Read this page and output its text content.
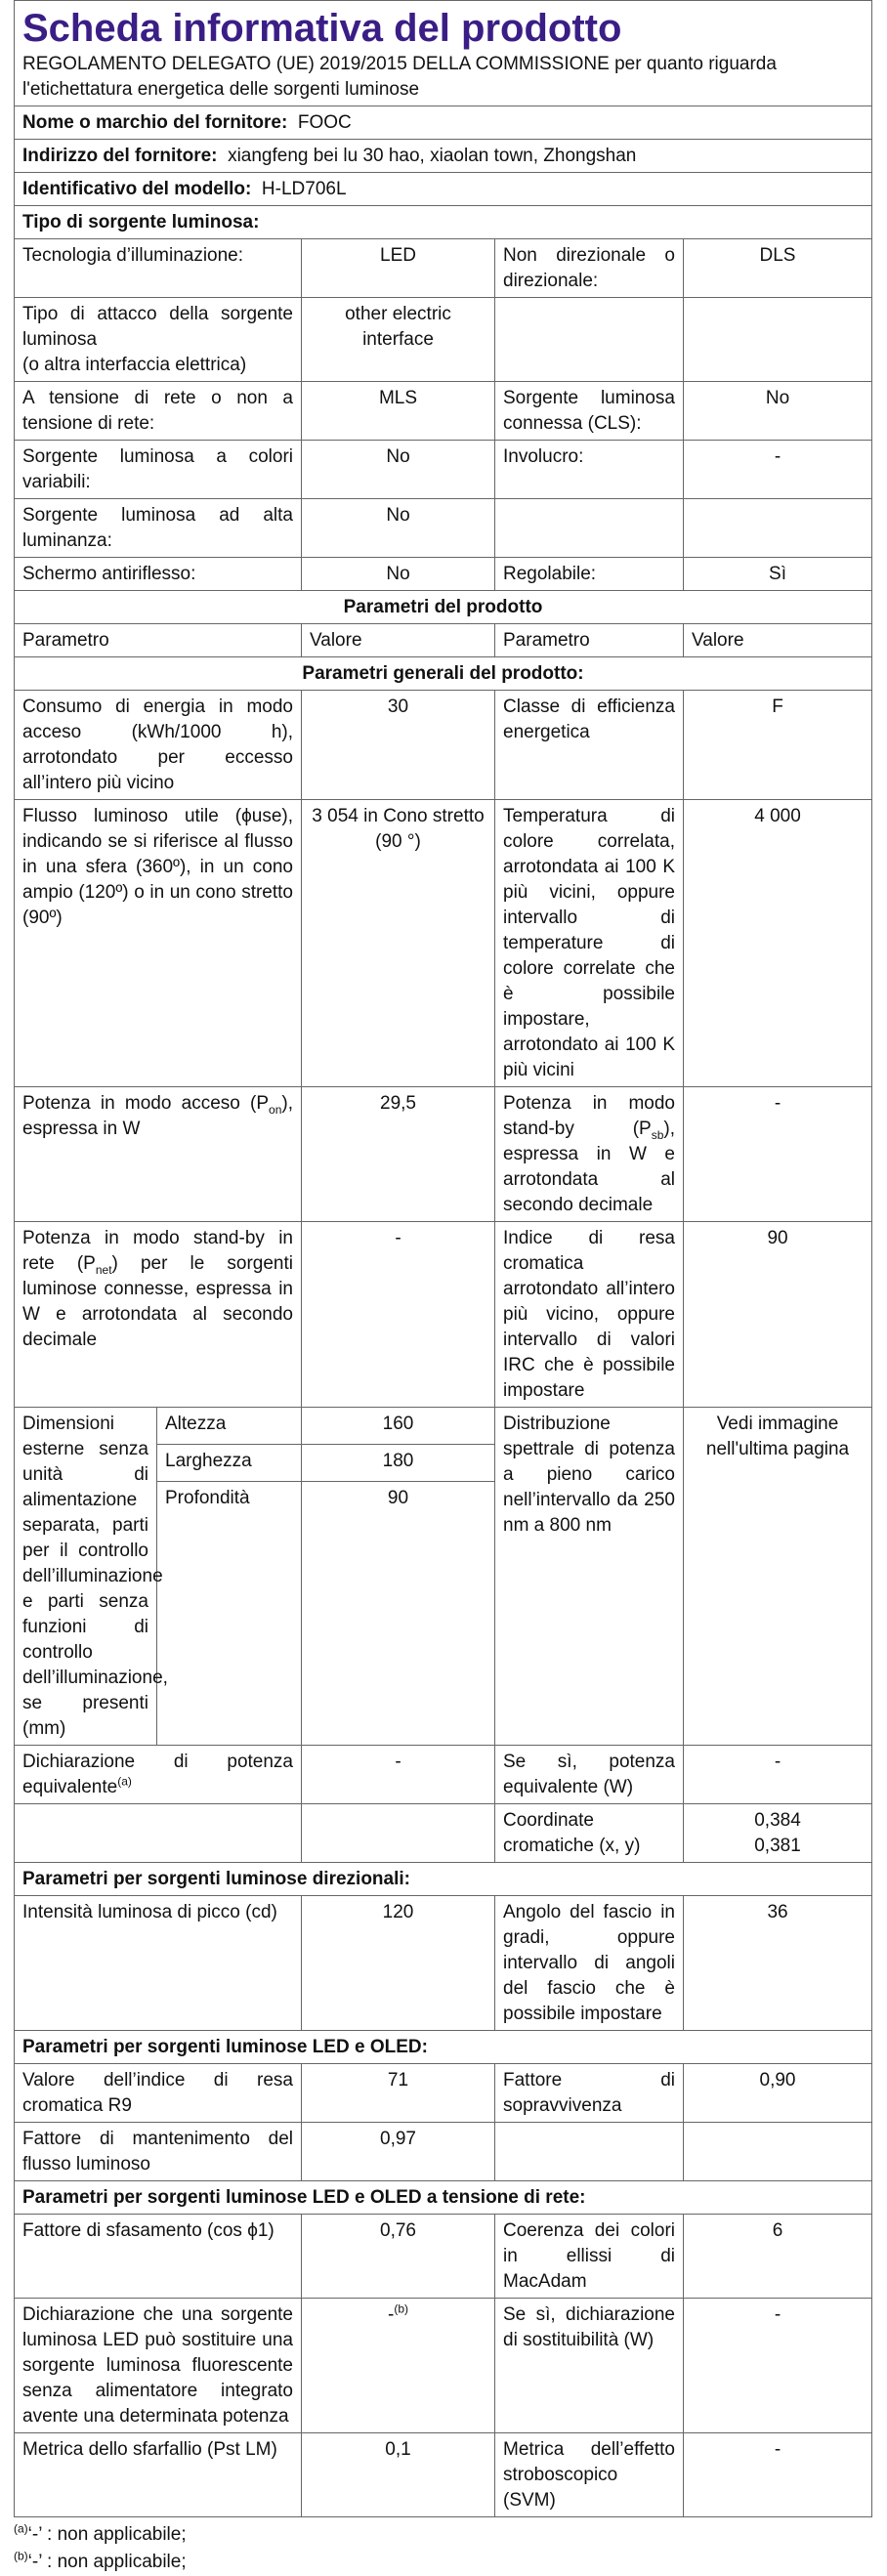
Scheda informativa del prodotto
REGOLAMENTO DELEGATO (UE) 2019/2015 DELLA COMMISSIONE per quanto riguarda l'etichettatura energetica delle sorgenti luminose				

Nome o marchio del fornitore: FOOC				
Indirizzo del fornitore: xiangfeng bei lu 30 hao, xiaolan town, Zhongshan				
Identificativo del modello: H-LD706L				
Tipo di sorgente luminosa:				
Tecnologia d’illuminazione:		LED	Non direzionale o direzionale:	DLS

Tipo di attacco della sorgente luminosa
(o altra interfaccia elettrica)		other electric interface		
A tensione di rete o non a tensione di rete:		MLS	Sorgente luminosa connessa (CLS):	No
Sorgente luminosa a colori variabili:		No	Involucro:	-
Sorgente luminosa ad alta luminanza:		No		
Schermo antiriflesso:		No	Regolabile:	Sì
Parametri del prodotto				
Parametro		Valore	Parametro	Valore
Parametri generali del prodotto:				
Consumo di energia in modo acceso (kWh/1000 h), arrotondato per eccesso all’intero più vicino		30	Classe di efficienza energetica	F
Flusso luminoso utile (ϕuse), indicando se si riferisce al flusso in una sfera (360º), in un cono ampio (120º) o in un cono stretto (90º)		3 054 in Cono stretto (90 °)	Temperatura di colore correlata, arrotondata ai 100 K più vicini, oppure intervallo di temperature di colore correlate che è possibile impostare, arrotondato ai 100 K più vicini	4 000
Potenza in modo acceso $(P_{on})$, espressa in W		29,5	Potenza in modo stand-by $(P_{sb})$, espressa in W e arrotondata al secondo decimale	-
Potenza in modo stand-by in rete $(P_{net})$ per le sorgenti luminose connesse, espressa in W e arrotondata al secondo decimale		-	Indice di resa cromatica arrotondato all’intero più vicino, oppure intervallo di valori IRC che è possibile impostare	90
Dimensioni esterne senza unità di alimentazione separata, parti per il controllo dell’illuminazione e parti senza funzioni di controllo dell’illuminazione, se presenti (mm)	Altezza	160	Distribuzione spettrale di potenza a pieno carico nell’intervallo da 250 nm a 800 nm	Vedi immagine nell'ultima pagina
	Larghezza	180		
	Profondità	90		
Dichiarazione di potenza equivalente$^{(a)}$		-	Se sì, potenza equivalente (W)	-
			Coordinate cromatiche (x, y)	0,384
0,381

Parametri per sorgenti luminose direzionali:				
Intensità luminosa di picco (cd)		120	Angolo del fascio in gradi, oppure intervallo di angoli del fascio che è possibile impostare	36
Parametri per sorgenti luminose LED e OLED:				
Valore dell’indice di resa cromatica R9		71	Fattore di sopravvivenza	0,90
Fattore di mantenimento del flusso luminoso		0,97		
Parametri per sorgenti luminose LED e OLED a tensione di rete:				
Fattore di sfasamento (cos ϕ1)		0,76	Coerenza dei colori in ellissi di MacAdam	6
Dichiarazione che una sorgente luminosa LED può sostituire una sorgente luminosa fluorescente senza alimentatore integrato avente una determinata potenza		-$^{(b)}$	Se sì, dichiarazione di sostituibilità (W)	-
Metrica dello sfarfallio (Pst LM)		0,1	Metrica dell’effetto stroboscopico (SVM)	-
$^{(a)}$‘-’ : non applicabile;
$^{(b)}$‘-’ : non applicabile;
